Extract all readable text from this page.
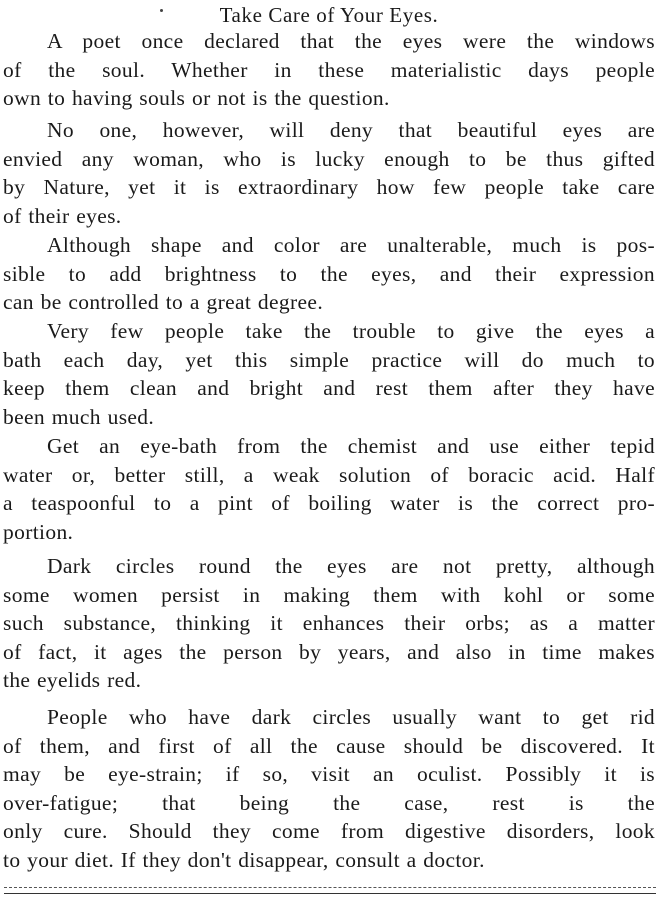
Take Care of Your Eyes.

A poet once declared that the eyes were the windows
of the soul. Whether in these materialistic days people
own to having souls or not is the question.

No one, however, will deny that beautiful eyes are
envied any woman, who is lucky enough to be thus gifted
by Nature, yet it is extraordinary how few people take care
of their eyes.

Although shape and color are unalterable, much is pos-
sible to add brightness to the eyes, and their expression
can be controlled to a great degree.

Very few people take the trouble to give the eyes a
bath each day, yet this simple practice will do much to
keep them clean and bright and rest them after they have
been much used.

Get an eye-bath from the chemist and use either tepid
water or, better still, a weak solution of boracic acid. Half
a teaspoonful to a pint of boiling water is the correct pro-
portion.

Dark circles round the eyes are not pretty, although
some women persist in making them with kohl or some
such substance, thinking it enhances their orbs; as a matter
of fact, it ages the person by years, and also in time makes
the eyelids red.

People who have dark circles usually want to get rid
of them, and first of all the cause should be discovered. It
may be eye-strain; if so, visit an oculist. Possibly it is
over-fatigue; that being the case, rest is the
only cure. Should they come from digestive disorders, look
to your diet. If they don't disappear, consult a doctor.
